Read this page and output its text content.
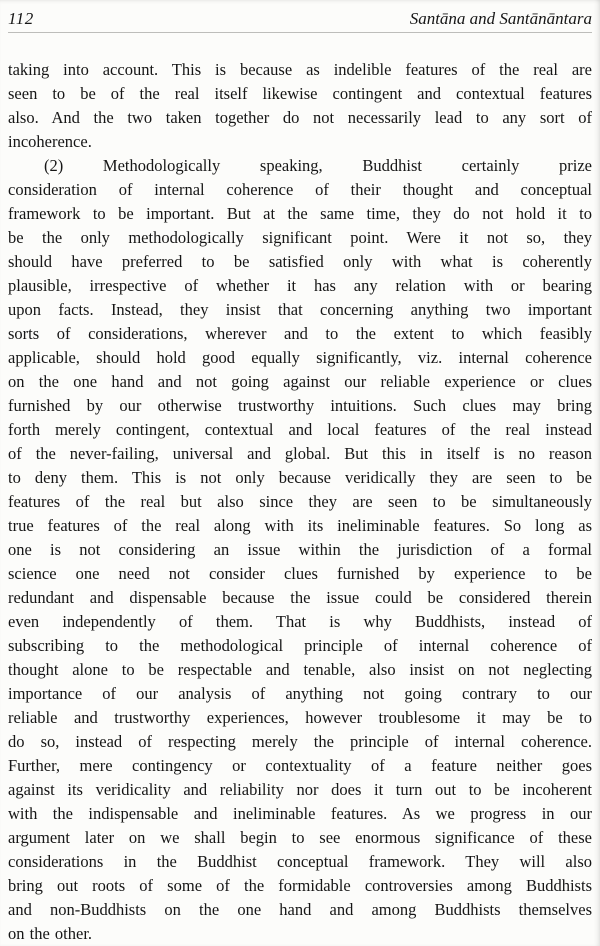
112	Santāna and Santānāntara
taking into account. This is because as indelible features of the real are
seen to be of the real itself likewise contingent and contextual features
also. And the two taken together do not necessarily lead to any sort of
incoherence.
(2) Methodologically speaking, Buddhist certainly prize
consideration of internal coherence of their thought and conceptual
framework to be important. But at the same time, they do not hold it to
be the only methodologically significant point. Were it not so, they
should have preferred to be satisfied only with what is coherently
plausible, irrespective of whether it has any relation with or bearing
upon facts. Instead, they insist that concerning anything two important
sorts of considerations, wherever and to the extent to which feasibly
applicable, should hold good equally significantly, viz. internal coherence
on the one hand and not going against our reliable experience or clues
furnished by our otherwise trustworthy intuitions. Such clues may bring
forth merely contingent, contextual and local features of the real instead
of the never-failing, universal and global. But this in itself is no reason
to deny them. This is not only because veridically they are seen to be
features of the real but also since they are seen to be simultaneously
true features of the real along with its ineliminable features. So long as
one is not considering an issue within the jurisdiction of a formal
science one need not consider clues furnished by experience to be
redundant and dispensable because the issue could be considered therein
even independently of them. That is why Buddhists, instead of
subscribing to the methodological principle of internal coherence of
thought alone to be respectable and tenable, also insist on not neglecting
importance of our analysis of anything not going contrary to our
reliable and trustworthy experiences, however troublesome it may be to
do so, instead of respecting merely the principle of internal coherence.
Further, mere contingency or contextuality of a feature neither goes
against its veridicality and reliability nor does it turn out to be incoherent
with the indispensable and ineliminable features. As we progress in our
argument later on we shall begin to see enormous significance of these
considerations in the Buddhist conceptual framework. They will also
bring out roots of some of the formidable controversies among Buddhists
and non-Buddhists on the one hand and among Buddhists themselves
on the other.
